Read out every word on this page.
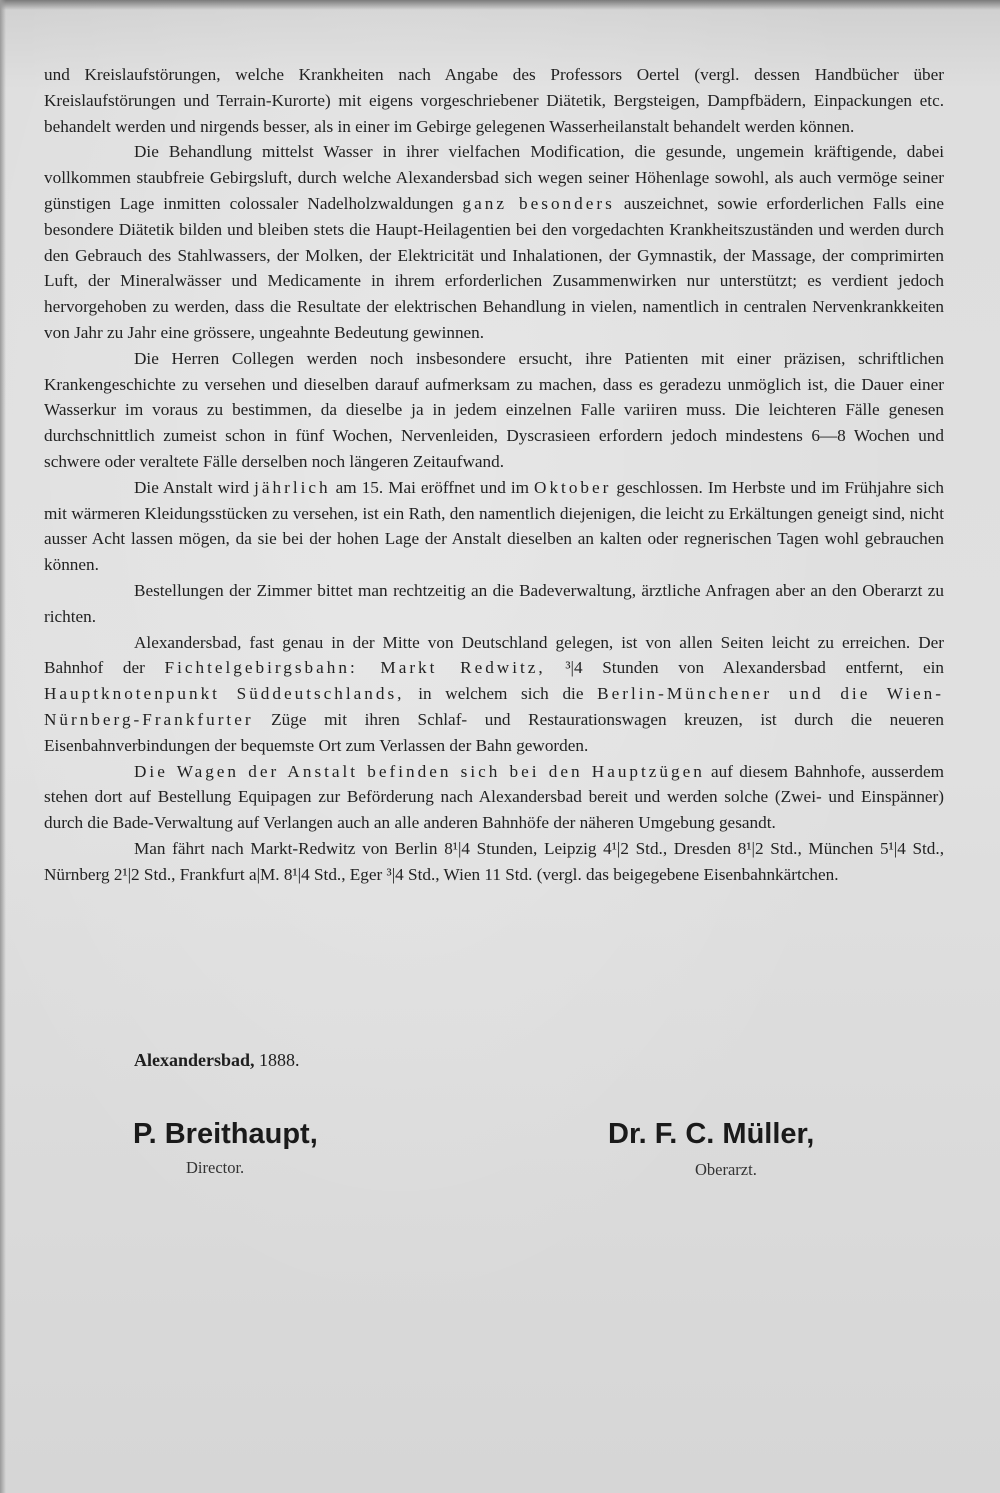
und Kreislaufstörungen, welche Krankheiten nach Angabe des Professors Oertel (vergl. dessen Handbücher über Kreislaufstörungen und Terrain-Kurorte) mit eigens vorgeschriebener Diätetik, Bergsteigen, Dampfbädern, Einpackungen etc. behandelt werden und nirgends besser, als in einer im Gebirge gelegenen Wasserheilanstalt behandelt werden können.

Die Behandlung mittelst Wasser in ihrer vielfachen Modification, die gesunde, ungemein kräftigende, dabei vollkommen staubfreie Gebirgsluft, durch welche Alexandersbad sich wegen seiner Höhenlage sowohl, als auch vermöge seiner günstigen Lage inmitten colossaler Nadelholzwaldungen ganz besonders auszeichnet, sowie erforderlichen Falls eine besondere Diätetik bilden und bleiben stets die Haupt-Heilagentien bei den vorgedachten Krankheitszuständen und werden durch den Gebrauch des Stahlwassers, der Molken, der Elektricität und Inhalationen, der Gymnastik, der Massage, der comprimirten Luft, der Mineralwässer und Medicamente in ihrem erforderlichen Zusammenwirken nur unterstützt; es verdient jedoch hervorgehoben zu werden, dass die Resultate der elektrischen Behandlung in vielen, namentlich in centralen Nervenkrankkeiten von Jahr zu Jahr eine grössere, ungeahnte Bedeutung gewinnen.

Die Herren Collegen werden noch insbesondere ersucht, ihre Patienten mit einer präzisen, schriftlichen Krankengeschichte zu versehen und dieselben darauf aufmerksam zu machen, dass es geradezu unmöglich ist, die Dauer einer Wasserkur im voraus zu bestimmen, da dieselbe ja in jedem einzelnen Falle variiren muss. Die leichteren Fälle genesen durchschnittlich zumeist schon in fünf Wochen, Nervenleiden, Dyscrasieen erfordern jedoch mindestens 6—8 Wochen und schwere oder veraltete Fälle derselben noch längeren Zeitaufwand.

Die Anstalt wird jährlich am 15. Mai eröffnet und im Oktober geschlossen. Im Herbste und im Frühjahre sich mit wärmeren Kleidungsstücken zu versehen, ist ein Rath, den namentlich diejenigen, die leicht zu Erkältungen geneigt sind, nicht ausser Acht lassen mögen, da sie bei der hohen Lage der Anstalt dieselben an kalten oder regnerischen Tagen wohl gebrauchen können.

Bestellungen der Zimmer bittet man rechtzeitig an die Badeverwaltung, ärztliche Anfragen aber an den Oberarzt zu richten.

Alexandersbad, fast genau in der Mitte von Deutschland gelegen, ist von allen Seiten leicht zu erreichen. Der Bahnhof der Fichtelgebirgsbahn: Markt Redwitz, ³|4 Stunden von Alexandersbad entfernt, ein Hauptknotenpunkt Süddeutschlands, in welchem sich die Berlin-Münchener und die Wien-Nürnberg-Frankfurter Züge mit ihren Schlaf- und Restaurationswagen kreuzen, ist durch die neueren Eisenbahnverbindungen der bequemste Ort zum Verlassen der Bahn geworden.

Die Wagen der Anstalt befinden sich bei den Hauptzügen auf diesem Bahnhofe, ausserdem stehen dort auf Bestellung Equipagen zur Beförderung nach Alexandersbad bereit und werden solche (Zwei- und Einspänner) durch die Bade-Verwaltung auf Verlangen auch an alle anderen Bahnhöfe der näheren Umgebung gesandt.

Man fährt nach Markt-Redwitz von Berlin 8¹|4 Stunden, Leipzig 4¹|2 Std., Dresden 8¹|2 Std., München 5¹|4 Std., Nürnberg 2¹|2 Std., Frankfurt a|M. 8¹|4 Std., Eger ³|4 Std., Wien 11 Std. (vergl. das beigegebene Eisenbahnkärtchen.

Alexandersbad, 1888.
P. Breithaupt,
Director.
Dr. F. C. Müller,
Oberarzt.
